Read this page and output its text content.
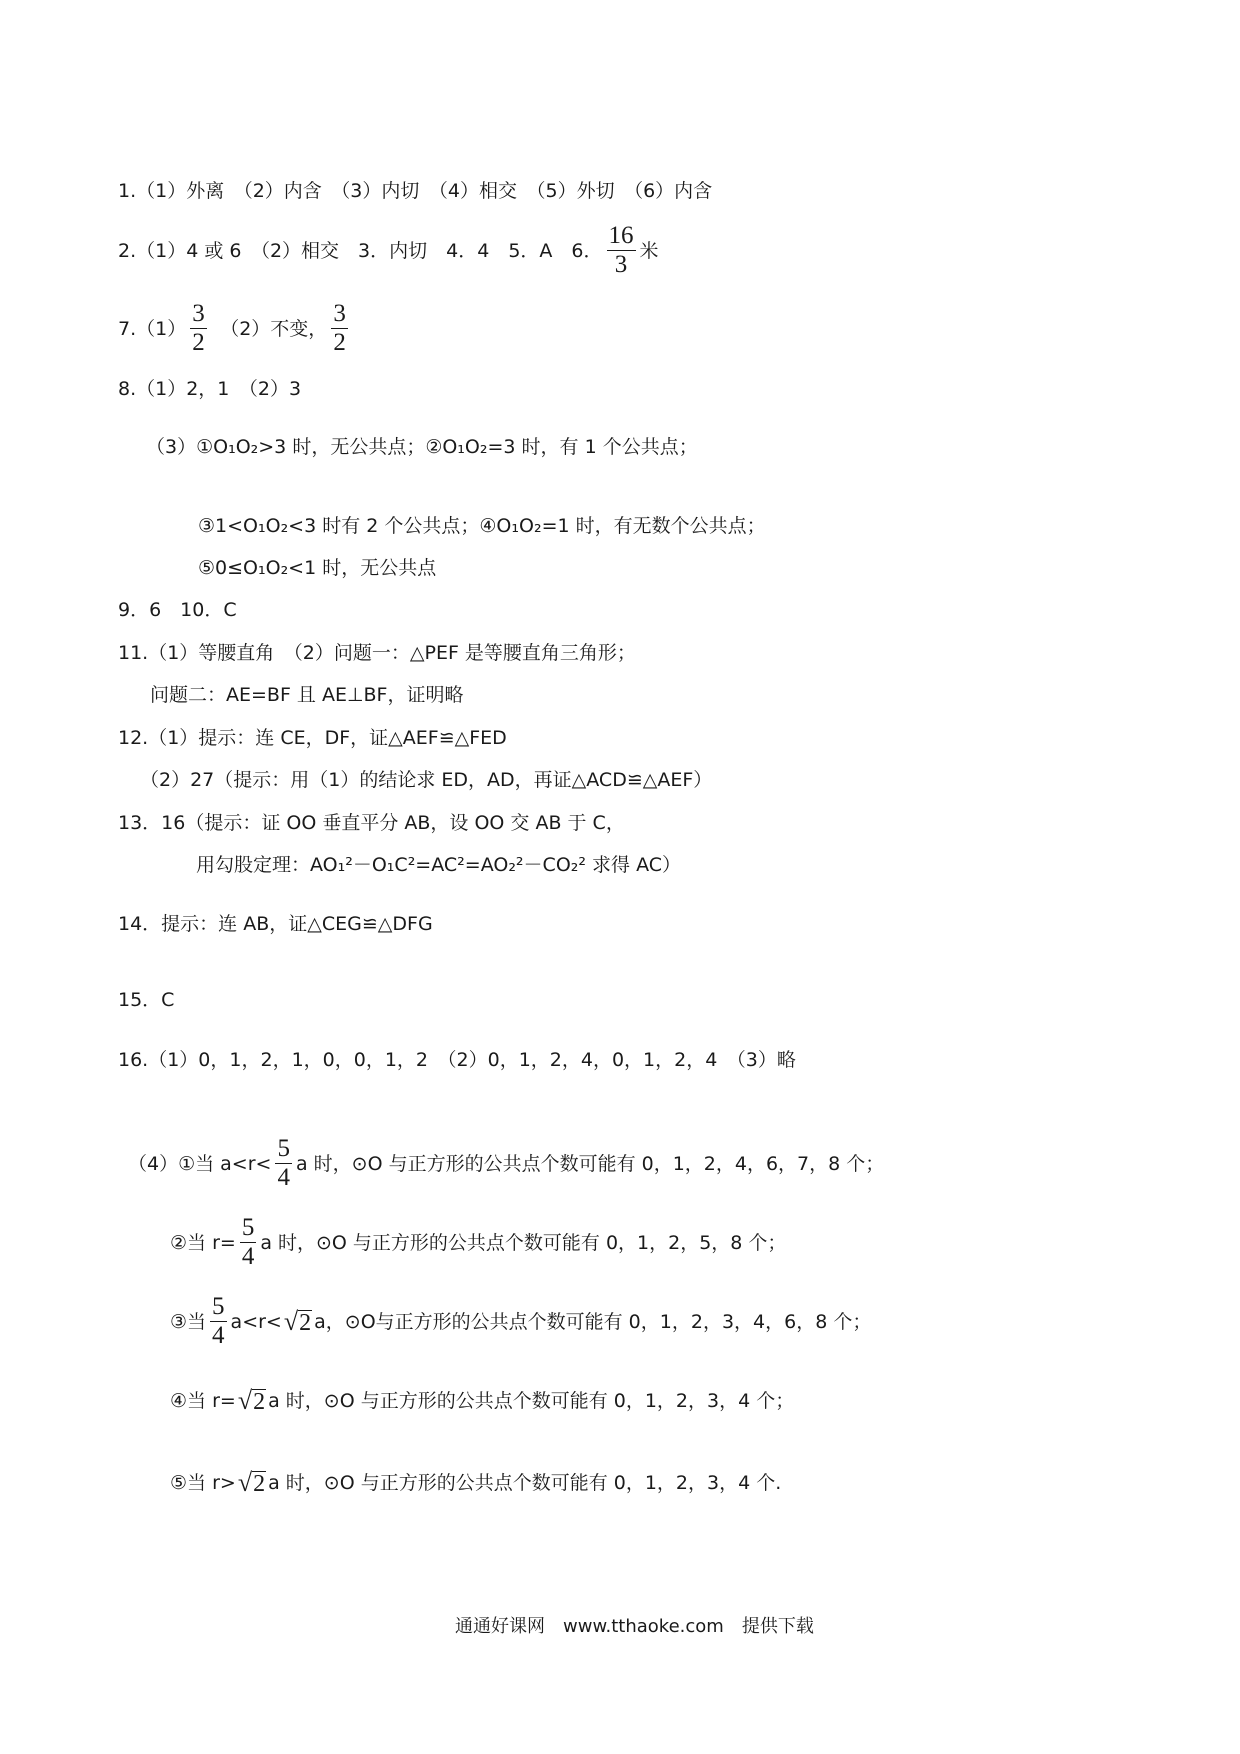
1.（1）外离　（2）内含　（3）内切　（4）相交　（5）外切　（6）内含
2.（1）4 或 6　（2）相交　3．内切　4．4　5．A　6． $\frac{16}{3}$ 米
$7.(1) \frac{3}{2}$ 　（2）不变， $\frac{3}{2}$
8.（1）2，1　（2）3
（3）①O₁O₂>3 时，无公共点；②O₁O₂=3 时，有 1 个公共点；
③1<O₁O₂<3 时有 2 个公共点；④O₁O₂=1 时，有无数个公共点；
⑤0≤O₁O₂<1 时，无公共点
9．6　10．C
11.（1）等腰直角　（2）问题一：△PEF 是等腰直角三角形；
问题二：AE=BF 且 AE⊥BF，证明略
12.（1）提示：连 CE，DF，证△AEF≌△FED
（2）27（提示：用（1）的结论求 ED，AD，再证△ACD≌△AEF）
13．16（提示：证 OO 垂直平分 AB，设 OO 交 AB 于 C，
用勾股定理：AO₁²－O₁C²=AC²=AO₂²－CO₂² 求得 AC）
14．提示：连 AB，证△CEG≌△DFG
15．C
16.（1）0，1，2，1，0，0，1，2　（2）0，1，2，4，0，1，2，4　（3）略
（4）①当 $a<r< \frac{5}{4}$ a 时，⊙O 与正方形的公共点个数可能有 0，1，2，4，6，7，8 个；
②当 $r= \frac{5}{4}$ a 时，⊙O 与正方形的公共点个数可能有 0，1，2，5，8 个；
③当 $\frac{5}{4} a<r<$ √ 2 a，⊙O与正方形的公共点个数可能有 0，1，2，3，4，6，8 个；
④当 r= √ 2 a 时，⊙O 与正方形的公共点个数可能有 0，1，2，3，4 个；
⑤当 r> √ 2 a 时，⊙O 与正方形的公共点个数可能有 0，1，2，3，4 个.
通通好课网　www.tthaoke.com　提供下载
